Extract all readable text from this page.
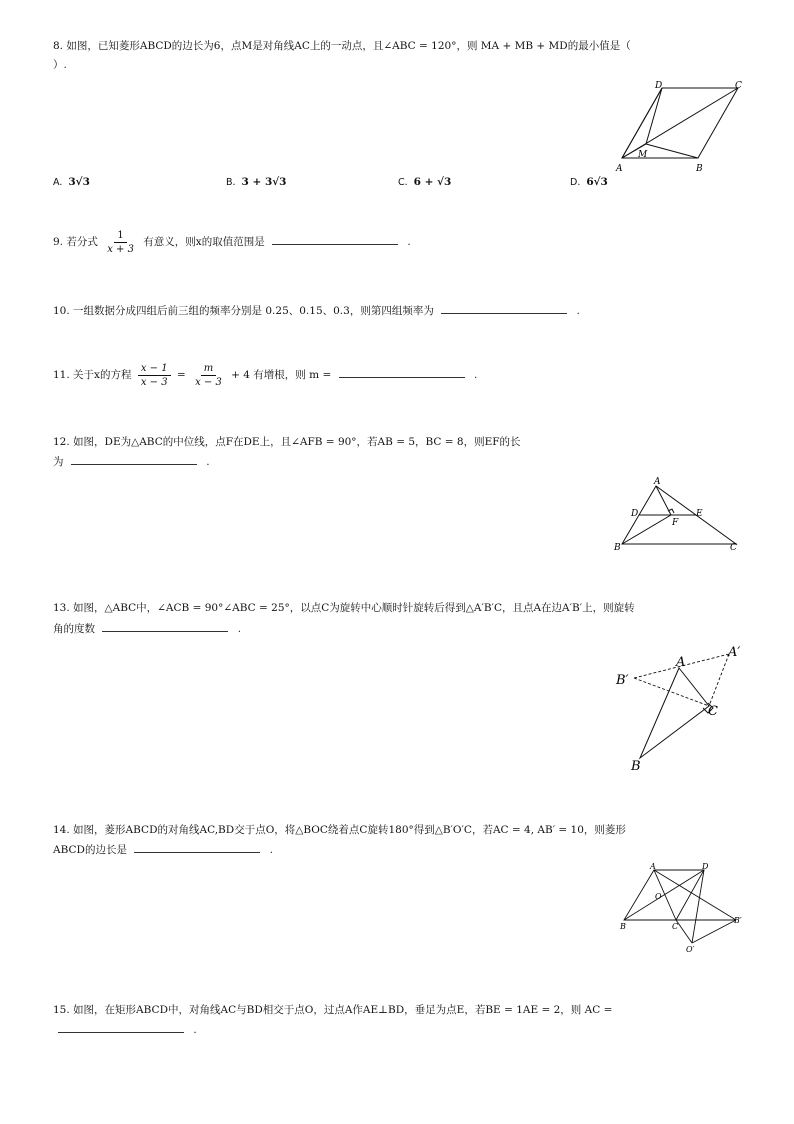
8. 如图，已知菱形ABCD的边长为6，点M是对角线AC上的一动点，且∠ABC = 120°，则 MA + MB + MD的最小值是（
）.
A	B
C
D
M
A. 3√3	B. 3 + 3√3	C. 6 + √3	D. 6√3
9. 若分式 $\frac{1}{x + 3}$ 有意义，则x的取值范围是	.
10. 一组数据分成四组后前三组的频率分别是 0.25、0.15、0.3，则第四组频率为	.
11. 关于x的方程 $\frac{x - 1}{x - 3} = \frac{m}{x - 3} + 4$ 有增根，则 m =	.
12. 如图，DE为△ABC的中位线，点F在DE上，且∠AFB = 90°，若AB = 5，BC = 8，则EF的长
为	.
A
B	C
D	E
F
13. 如图，△ABC中，∠ACB = 90°∠ABC = 25°，以点C为旋转中心顺时针旋转后得到△A′B′C，且点A在边A′B′上，则旋转
角的度数	.
A
A′
B
B′
C
14. 如图，菱形ABCD的对角线AC,BD交于点O，将△BOC绕着点C旋转180°得到△B′O′C，若AC = 4, AB′ = 10，则菱形
ABCD的边长是	.
A	D
B	C
O
B′
O′
15. 如图，在矩形ABCD中，对角线AC与BD相交于点O，过点A作AE⊥BD，垂足为点E，若BE = 1AE = 2，则 AC =
.
